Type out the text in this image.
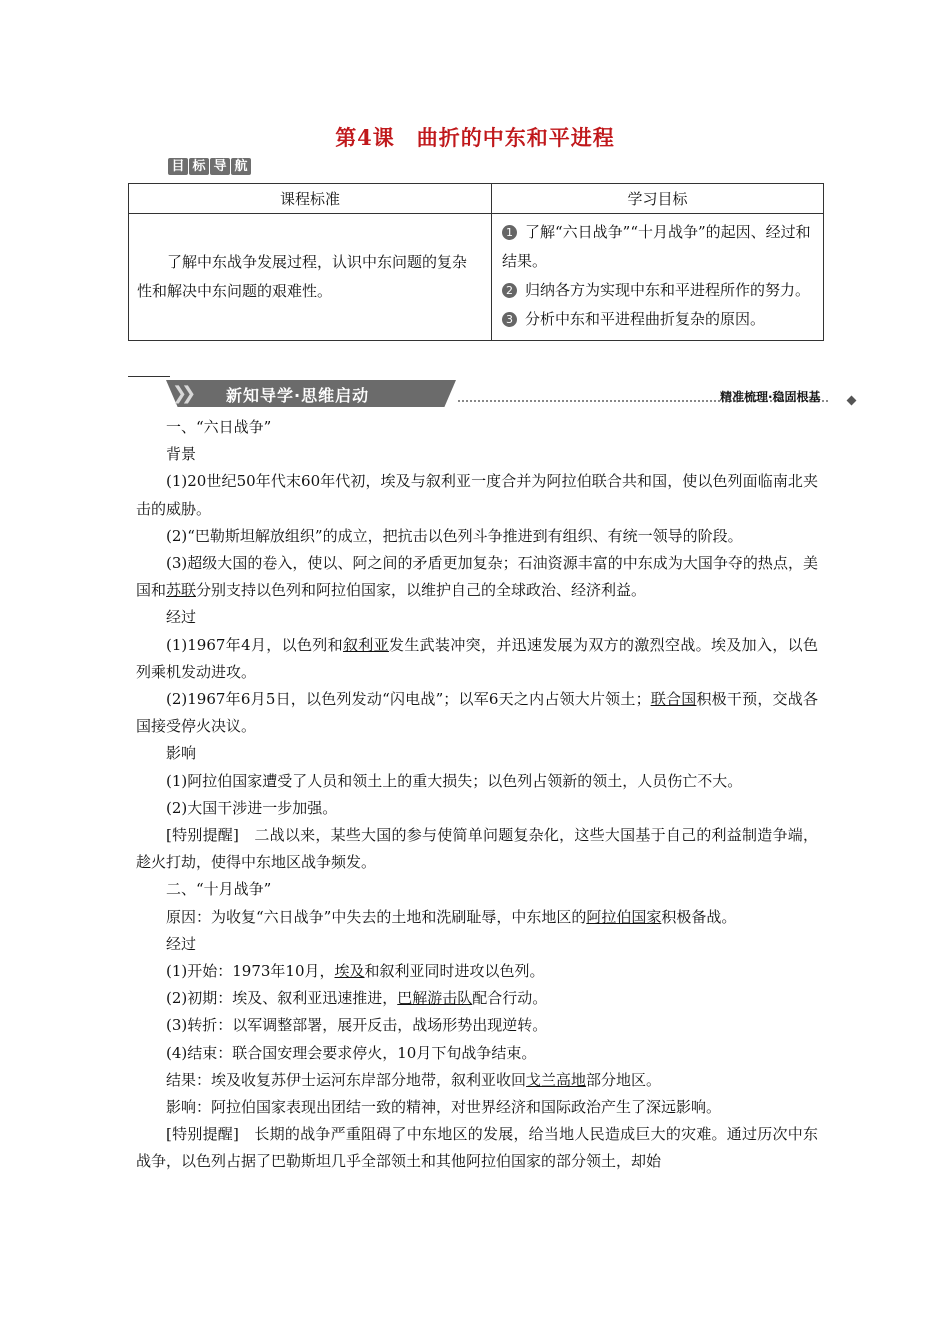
第4课　曲折的中东和平进程
目 标 导 航
课程标准	学习目标
了解中东战争发展过程，认识中东问题的复杂性和解决中东问题的艰难性。	1 了解“六日战争”“十月战争”的起因、经过和结果。
2 归纳各方为实现中东和平进程所作的努力。
3 分析中东和平进程曲折复杂的原因。
❯❯ 新知导学·思维启动	精准梳理·稳固根基

一、“六日战争”

背景

(1)20世纪50年代末60年代初，埃及与叙利亚一度合并为阿拉伯联合共和国，使以色列面临南北夹击的威胁。

(2)“巴勒斯坦解放组织”的成立，把抗击以色列斗争推进到有组织、有统一领导的阶段。

(3)超级大国的卷入，使以、阿之间的矛盾更加复杂；石油资源丰富的中东成为大国争夺的热点，美国和苏联分别支持以色列和阿拉伯国家，以维护自己的全球政治、经济利益。

经过

(1)1967年4月，以色列和叙利亚发生武装冲突，并迅速发展为双方的激烈空战。埃及加入，以色列乘机发动进攻。

(2)1967年6月5日，以色列发动“闪电战”；以军6天之内占领大片领土；联合国积极干预，交战各国接受停火决议。

影响

(1)阿拉伯国家遭受了人员和领土上的重大损失；以色列占领新的领土，人员伤亡不大。

(2)大国干涉进一步加强。

[特别提醒]　二战以来，某些大国的参与使简单问题复杂化，这些大国基于自己的利益制造争端，趁火打劫，使得中东地区战争频发。

二、“十月战争”

原因：为收复“六日战争”中失去的土地和洗刷耻辱，中东地区的阿拉伯国家积极备战。

经过

(1)开始：1973年10月，埃及和叙利亚同时进攻以色列。

(2)初期：埃及、叙利亚迅速推进，巴解游击队配合行动。

(3)转折：以军调整部署，展开反击，战场形势出现逆转。

(4)结束：联合国安理会要求停火，10月下旬战争结束。

结果：埃及收复苏伊士运河东岸部分地带，叙利亚收回戈兰高地部分地区。

影响：阿拉伯国家表现出团结一致的精神，对世界经济和国际政治产生了深远影响。

[特别提醒]　长期的战争严重阻碍了中东地区的发展，给当地人民造成巨大的灾难。通过历次中东战争，以色列占据了巴勒斯坦几乎全部领土和其他阿拉伯国家的部分领土，却始
